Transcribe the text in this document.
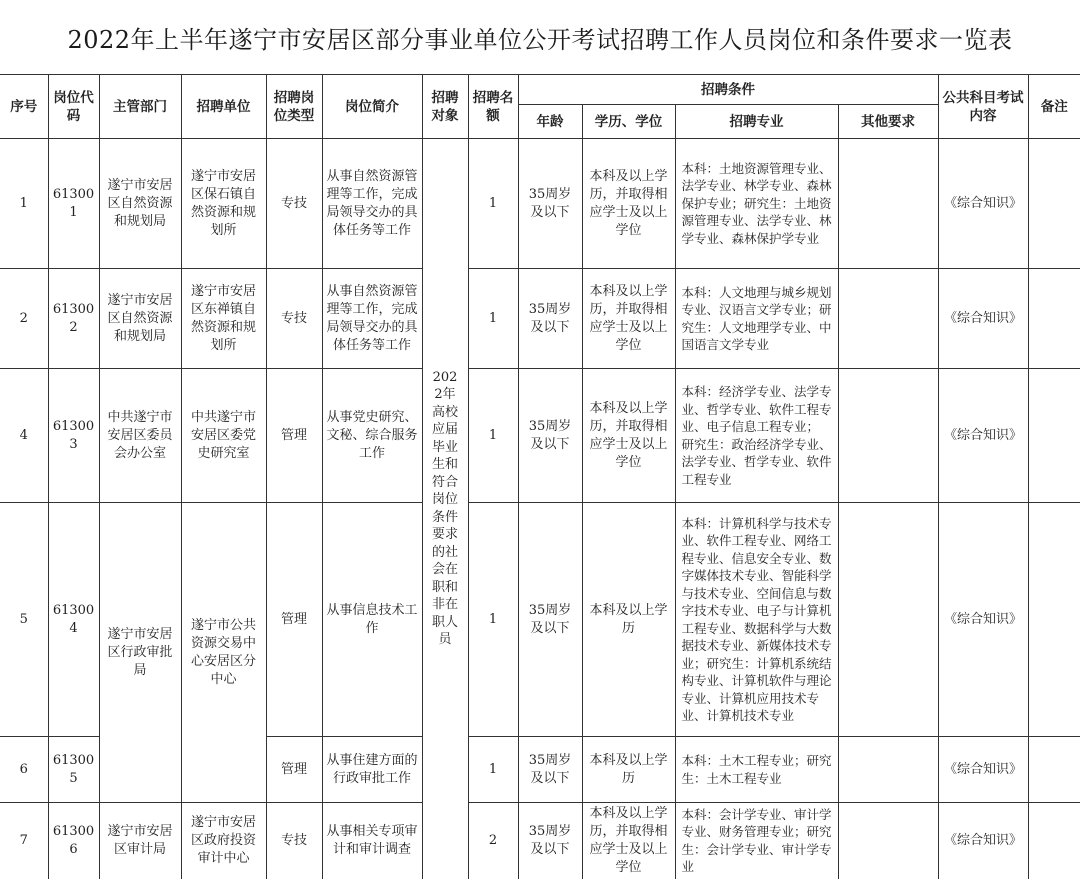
2022年上半年遂宁市安居区部分事业单位公开考试招聘工作人员岗位和条件要求一览表
序号	岗位代码	主管部门	招聘单位	招聘岗位类型	岗位简介	招聘对象	招聘名额	招聘条件				公共科目考试内容	备注
								年龄	学历、学位	招聘专业	其他要求		
1	613001	遂宁市安居区自然资源和规划局	遂宁市安居区保石镇自然资源和规划所	专技	从事自然资源管理等工作，完成局领导交办的具体任务等工作	2022年高校应届毕业生和符合岗位条件要求的社会在职和非在职人员	1	35周岁及以下	本科及以上学历，并取得相应学士及以上学位	本科：土地资源管理专业、法学专业、林学专业、森林保护专业；研究生：土地资源管理专业、法学专业、林学专业、森林保护学专业		《综合知识》	
2	613002	遂宁市安居区自然资源和规划局	遂宁市安居区东禅镇自然资源和规划所	专技	从事自然资源管理等工作，完成局领导交办的具体任务等工作		1	35周岁及以下	本科及以上学历，并取得相应学士及以上学位	本科：人文地理与城乡规划专业、汉语言文学专业；研究生：人文地理学专业、中国语言文学专业		《综合知识》	
4	613003	中共遂宁市安居区委员会办公室	中共遂宁市安居区委党史研究室	管理	从事党史研究、文秘、综合服务工作		1	35周岁及以下	本科及以上学历，并取得相应学士及以上学位	本科：经济学专业、法学专业、哲学专业、软件工程专业、电子信息工程专业； 研究生：政治经济学专业、法学专业、哲学专业、软件工程专业		《综合知识》	
5	613004	遂宁市安居区行政审批局	遂宁市公共资源交易中心安居区分中心	管理	从事信息技术工作		1	35周岁及以下	本科及以上学历	本科：计算机科学与技术专业、软件工程专业、网络工程专业、信息安全专业、数字媒体技术专业、智能科学与技术专业、空间信息与数字技术专业、电子与计算机工程专业、数据科学与大数据技术专业、新媒体技术专业；研究生：计算机系统结构专业、计算机软件与理论专业、计算机应用技术专业、计算机技术专业		《综合知识》	
6	613005			管理	从事住建方面的行政审批工作		1	35周岁及以下	本科及以上学历	本科：土木工程专业；研究生：土木工程专业		《综合知识》	
7	613006	遂宁市安居区审计局	遂宁市安居区政府投资审计中心	专技	从事相关专项审计和审计调查		2	35周岁及以下	本科及以上学历，并取得相应学士及以上学位	本科：会计学专业、审计学专业、财务管理专业；研究生：会计学专业、审计学专业		《综合知识》	
